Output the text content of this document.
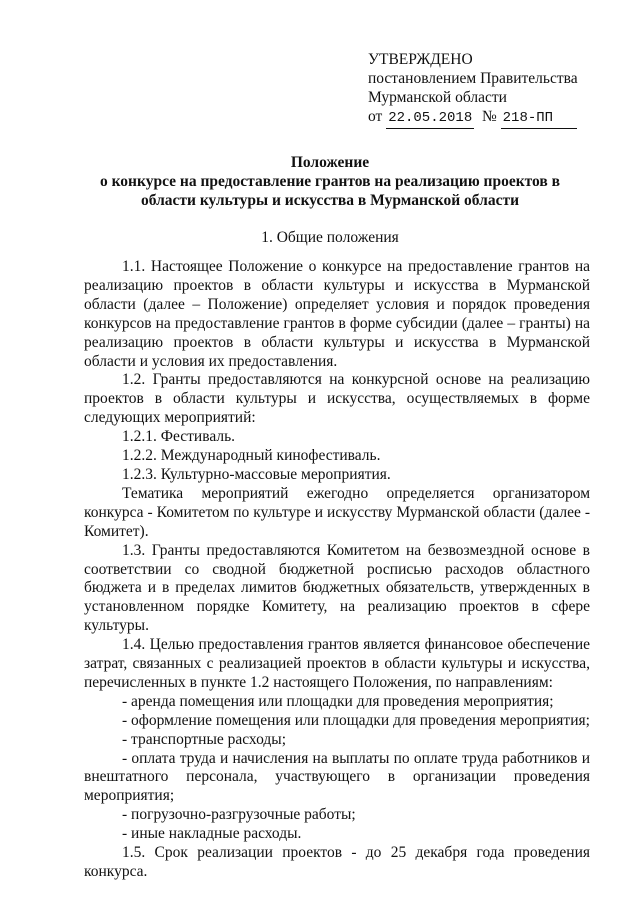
УТВЕРЖДЕНО
постановлением Правительства
Мурманской области
от 22.05.2018 № 218-ПП
Положение
о конкурсе на предоставление грантов на реализацию проектов в
области культуры и искусства в Мурманской области
1. Общие положения

1.1. Настоящее Положение о конкурсе на предоставление грантов на реализацию проектов в области культуры и искусства в Мурманской области (далее – Положение) определяет условия и порядок проведения конкурсов на предоставление грантов в форме субсидии (далее – гранты) на реализацию проектов в области культуры и искусства в Мурманской области и условия их предоставления.

1.2. Гранты предоставляются на конкурсной основе на реализацию проектов в области культуры и искусства, осуществляемых в форме следующих мероприятий:

1.2.1. Фестиваль.

1.2.2. Международный кинофестиваль.

1.2.3. Культурно-массовые мероприятия.

Тематика мероприятий ежегодно определяется организатором конкурса - Комитетом по культуре и искусству Мурманской области (далее - Комитет).

1.3. Гранты предоставляются Комитетом на безвозмездной основе в соответствии со сводной бюджетной росписью расходов областного бюджета и в пределах лимитов бюджетных обязательств, утвержденных в установленном порядке Комитету, на реализацию проектов в сфере культуры.

1.4. Целью предоставления грантов является финансовое обеспечение затрат, связанных с реализацией проектов в области культуры и искусства, перечисленных в пункте 1.2 настоящего Положения, по направлениям:

- аренда помещения или площадки для проведения мероприятия;

- оформление помещения или площадки для проведения мероприятия;

- транспортные расходы;

- оплата труда и начисления на выплаты по оплате труда работников и внештатного персонала, участвующего в организации проведения мероприятия;

- погрузочно-разгрузочные работы;

- иные накладные расходы.

1.5. Срок реализации проектов - до 25 декабря года проведения конкурса.
